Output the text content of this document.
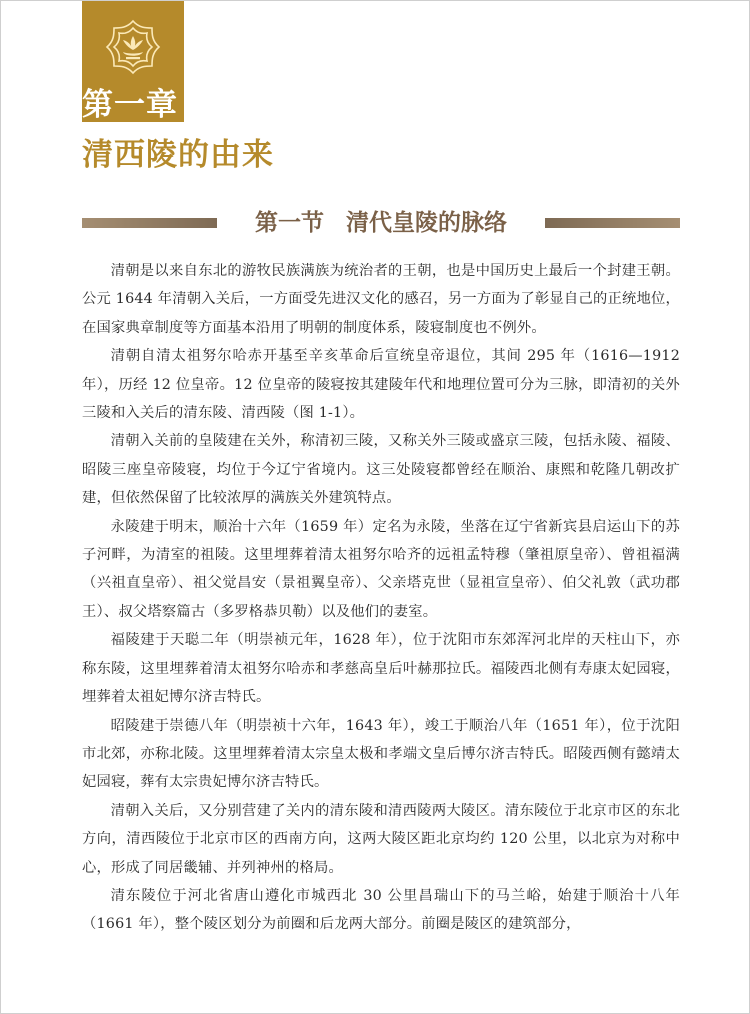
第一章
清西陵的由来
第一节 清代皇陵的脉络

清朝是以来自东北的游牧民族满族为统治者的王朝，也是中国历史上最后一个封建王朝。公元 1644 年清朝入关后，一方面受先进汉文化的感召，另一方面为了彰显自己的正统地位，在国家典章制度等方面基本沿用了明朝的制度体系，陵寝制度也不例外。

清朝自清太祖努尔哈赤开基至辛亥革命后宣统皇帝退位，其间 295 年（1616—1912 年），历经 12 位皇帝。12 位皇帝的陵寝按其建陵年代和地理位置可分为三脉，即清初的关外三陵和入关后的清东陵、清西陵（图 1-1）。

清朝入关前的皇陵建在关外，称清初三陵，又称关外三陵或盛京三陵，包括永陵、福陵、昭陵三座皇帝陵寝，均位于今辽宁省境内。这三处陵寝都曾经在顺治、康熙和乾隆几朝改扩建，但依然保留了比较浓厚的满族关外建筑特点。

永陵建于明末，顺治十六年（1659 年）定名为永陵，坐落在辽宁省新宾县启运山下的苏子河畔，为清室的祖陵。这里埋葬着清太祖努尔哈齐的远祖孟特穆（肇祖原皇帝）、曾祖福满（兴祖直皇帝）、祖父觉昌安（景祖翼皇帝）、父亲塔克世（显祖宣皇帝）、伯父礼敦（武功郡王）、叔父塔察篇古（多罗格恭贝勒）以及他们的妻室。

福陵建于天聪二年（明崇祯元年，1628 年），位于沈阳市东郊浑河北岸的天柱山下，亦称东陵，这里埋葬着清太祖努尔哈赤和孝慈高皇后叶赫那拉氏。福陵西北侧有寿康太妃园寝，埋葬着太祖妃博尔济吉特氏。

昭陵建于崇德八年（明崇祯十六年，1643 年），竣工于顺治八年（1651 年），位于沈阳市北郊，亦称北陵。这里埋葬着清太宗皇太极和孝端文皇后博尔济吉特氏。昭陵西侧有懿靖太妃园寝，葬有太宗贵妃博尔济吉特氏。

清朝入关后，又分别营建了关内的清东陵和清西陵两大陵区。清东陵位于北京市区的东北方向，清西陵位于北京市区的西南方向，这两大陵区距北京均约 120 公里，以北京为对称中心，形成了同居畿辅、并列神州的格局。

清东陵位于河北省唐山遵化市城西北 30 公里昌瑞山下的马兰峪，始建于顺治十八年（1661 年），整个陵区划分为前圈和后龙两大部分。前圈是陵区的建筑部分，
